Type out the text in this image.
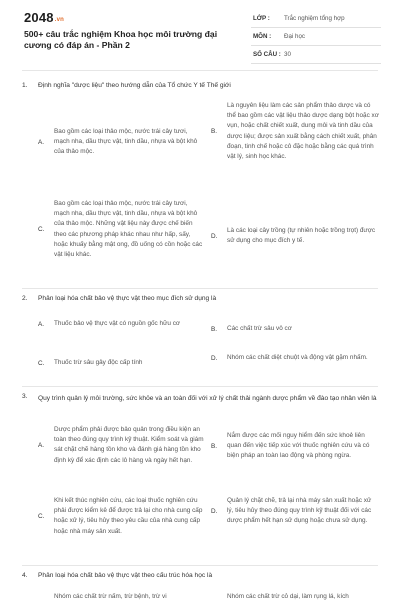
2048.vn
500+ câu trắc nghiệm Khoa học môi trường đại cương có đáp án - Phần 2
LỚP : Trắc nghiệm tổng hợp
MÔN : Đại học
SỐ CÂU : 30
1. Định nghĩa "dược liệu" theo hướng dẫn của Tổ chức Y tế Thế giới
A.
Bao gồm các loại thảo mộc, nước trái cây tươi, mạch nha, dầu thực vật, tinh dầu, nhựa và bột khô của thảo mộc.
B.
Là nguyên liệu làm các sản phẩm thảo dược và có thể bao gồm các vật liệu thảo dược dạng bột hoặc xơ vụn, hoặc chất chiết xuất, dung môi và tinh dầu của dược liệu; được sản xuất bằng cách chiết xuất, phân đoạn, tinh chế hoặc cô đặc hoặc bằng các quá trình vật lý, sinh học khác.
C.
Bao gồm các loại thảo mộc, nước trái cây tươi, mạch nha, dầu thực vật, tinh dầu, nhựa và bột khô của thảo mộc. Những vật liệu này được chế biến theo các phương pháp khác nhau như hấp, sấy, hoặc khuấy bằng mật ong, đồ uống có cồn hoặc các vật liệu khác.
D.
Là các loại cây trồng (tự nhiên hoặc trồng trọt) được sử dụng cho mục đích y tế.
2. Phân loại hóa chất bảo vệ thực vật theo mục đích sử dụng là
A.	Thuốc bảo vệ thực vật có nguồn gốc hữu cơ
B.	Các chất trừ sâu vô cơ
C.	Thuốc trừ sâu gây độc cấp tính
D.	Nhóm các chất diệt chuột và động vật gặm nhấm.
3. Quy trình quản lý môi trường, sức khỏe và an toàn đối với xử lý chất thải ngành dược phẩm về đào tạo nhân viên là
A.
Dược phẩm phải được bảo quản trong điều kiện an toàn theo đúng quy trình kỹ thuật. Kiểm soát và giám sát chặt chẽ hàng tồn kho và đánh giá hàng tồn kho định kỳ để xác định các lô hàng và ngày hết hạn.
B.
Nắm được các mối nguy hiểm đến sức khoẻ liên quan đến việc tiếp xúc với thuốc nghiên cứu và có biện pháp an toàn lao động và phòng ngừa.
C.
Khi kết thúc nghiên cứu, các loại thuốc nghiên cứu phải được kiểm kê để được trả lại cho nhà cung cấp hoặc xử lý, tiêu hủy theo yêu cầu của nhà cung cấp hoặc nhà máy sản xuất.
D.
Quản lý chặt chẽ, trả lại nhà máy sản xuất hoặc xử lý, tiêu hủy theo đúng quy trình kỹ thuật đối với các dược phẩm hết hạn sử dụng hoặc chưa sử dụng.
4. Phân loại hóa chất bảo vệ thực vật theo cấu trúc hóa học là
Nhóm các chất trừ nấm, trừ bệnh, trừ vi	Nhóm các chất trừ cỏ dại, làm rụng lá, kích
